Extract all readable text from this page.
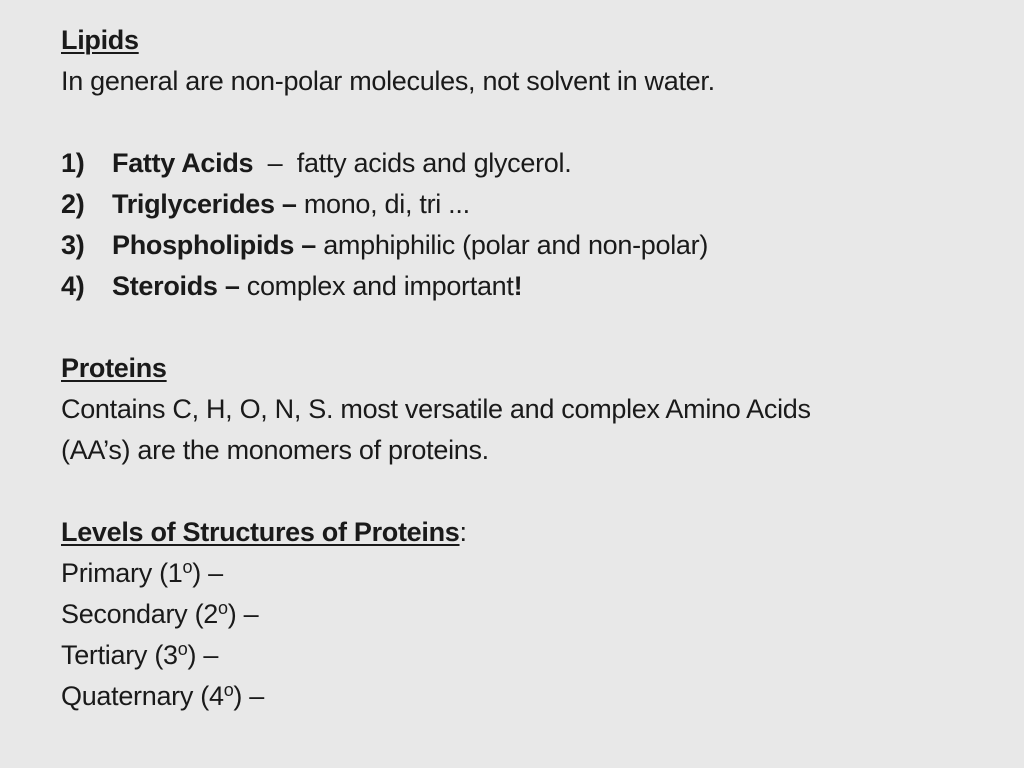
Lipids
In general are non-polar molecules, not solvent in water.
1)	Fatty Acids  –  fatty acids and glycerol.
2)	Triglycerides – mono, di, tri ...
3)	Phospholipids – amphiphilic (polar and non-polar)
4)	Steroids – complex and important!
Proteins
Contains C, H, O, N, S. most versatile and complex Amino Acids
(AA’s) are the monomers of proteins.
Levels of Structures of Proteins:
Primary (1$^o$) –
Secondary (2$^o$) –
Tertiary (3$^o$) –
Quaternary (4$^o$) –
